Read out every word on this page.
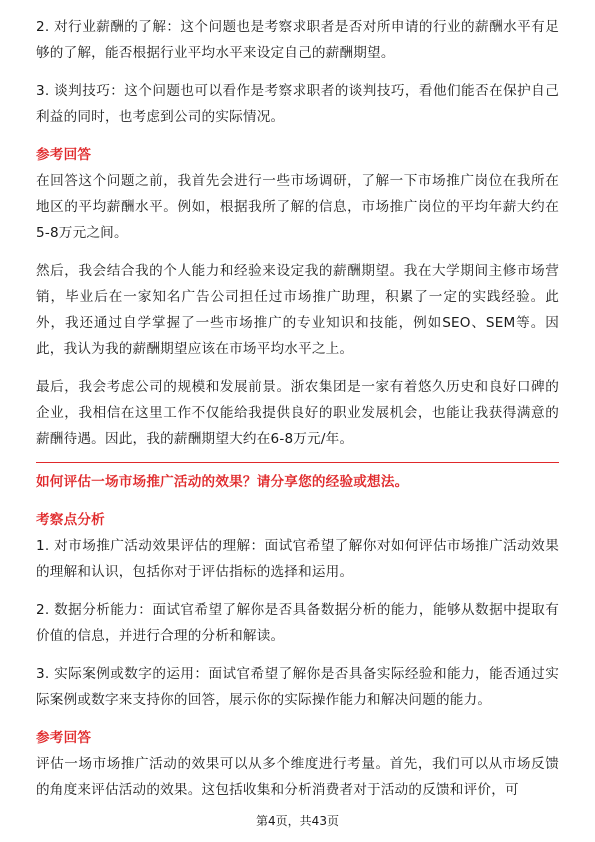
2. 对行业薪酬的了解：这个问题也是考察求职者是否对所申请的行业的薪酬水平有足够的了解，能否根据行业平均水平来设定自己的薪酬期望。

3. 谈判技巧：这个问题也可以看作是考察求职者的谈判技巧，看他们能否在保护自己利益的同时，也考虑到公司的实际情况。

参考回答

在回答这个问题之前，我首先会进行一些市场调研，了解一下市场推广岗位在我所在地区的平均薪酬水平。例如，根据我所了解的信息，市场推广岗位的平均年薪大约在5-8万元之间。

然后，我会结合我的个人能力和经验来设定我的薪酬期望。我在大学期间主修市场营销，毕业后在一家知名广告公司担任过市场推广助理，积累了一定的实践经验。此外，我还通过自学掌握了一些市场推广的专业知识和技能，例如SEO、SEM等。因此，我认为我的薪酬期望应该在市场平均水平之上。

最后，我会考虑公司的规模和发展前景。浙农集团是一家有着悠久历史和良好口碑的企业，我相信在这里工作不仅能给我提供良好的职业发展机会，也能让我获得满意的薪酬待遇。因此，我的薪酬期望大约在6-8万元/年。

如何评估一场市场推广活动的效果？请分享您的经验或想法。

考察点分析

1. 对市场推广活动效果评估的理解：面试官希望了解你对如何评估市场推广活动效果的理解和认识，包括你对于评估指标的选择和运用。

2. 数据分析能力：面试官希望了解你是否具备数据分析的能力，能够从数据中提取有价值的信息，并进行合理的分析和解读。

3. 实际案例或数字的运用：面试官希望了解你是否具备实际经验和能力，能否通过实际案例或数字来支持你的回答，展示你的实际操作能力和解决问题的能力。

参考回答

评估一场市场推广活动的效果可以从多个维度进行考量。首先，我们可以从市场反馈的角度来评估活动的效果。这包括收集和分析消费者对于活动的反馈和评价，可

第4页，共43页
